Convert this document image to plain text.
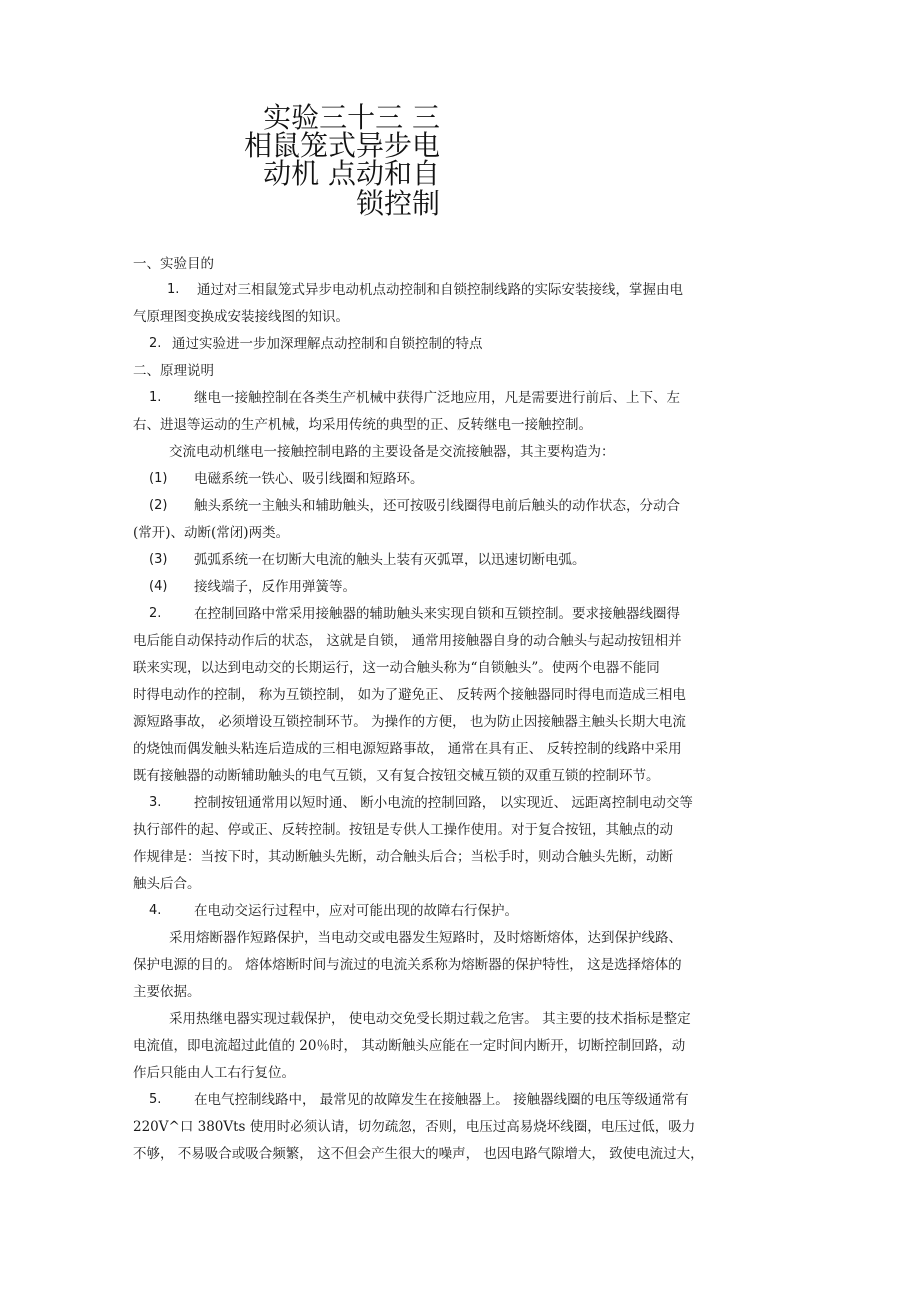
实验三十三 三
相鼠笼式异步电
动机 点动和自
锁控制
一、实验目的
1. 通过对三相鼠笼式异步电动机点动控制和自锁控制线路的实际安装接线，掌握由电
气原理图变换成安装接线图的知识。
2. 通过实验进一步加深理解点动控制和自锁控制的特点
二、原理说明
1. 继电一接触控制在各类生产机械中获得广泛地应用，凡是需要进行前后、上下、左
右、进退等运动的生产机械，均采用传统的典型的正、反转继电一接触控制。
交流电动机继电一接触控制电路的主要设备是交流接触器，其主要构造为：
(1) 电磁系统一铁心、吸引线圈和短路环。
(2) 触头系统一主触头和辅助触头，还可按吸引线圈得电前后触头的动作状态，分动合
(常开)、动断(常闭)两类。
(3) 弧弧系统一在切断大电流的触头上装有灭弧罩，以迅速切断电弧。
(4) 接线端子，反作用弹簧等。
2. 在控制回路中常采用接触器的辅助触头来实现自锁和互锁控制。要求接触器线圈得
电后能自动保持动作后的状态， 这就是自锁， 通常用接触器自身的动合触头与起动按钮相并
联来实现，以达到电动交的长期运行，这一动合触头称为“自锁触头”。使两个电器不能同
时得电动作的控制， 称为互锁控制， 如为了避免正、 反转两个接触器同时得电而造成三相电
源短路事故， 必须增设互锁控制环节。 为操作的方便， 也为防止因接触器主触头长期大电流
的烧蚀而偶发触头粘连后造成的三相电源短路事故， 通常在具有正、 反转控制的线路中采用
既有接触器的动断辅助触头的电气互锁，又有复合按钮交械互锁的双重互锁的控制环节。
3. 控制按钮通常用以短时通、 断小电流的控制回路， 以实现近、 远距离控制电动交等
执行部件的起、停或正、反转控制。按钮是专供人工操作使用。对于复合按钮，其触点的动
作规律是：当按下时，其动断触头先断，动合触头后合；当松手时，则动合触头先断，动断
触头后合。
4. 在电动交运行过程中，应对可能出现的故障右行保护。
采用熔断器作短路保护，当电动交或电器发生短路时，及时熔断熔体，达到保护线路、
保护电源的目的。 熔体熔断时间与流过的电流关系称为熔断器的保护特性， 这是选择熔体的
主要依据。
采用热继电器实现过载保护， 使电动交免受长期过载之危害。 其主要的技术指标是整定
电流值，即电流超过此值的 20％时， 其动断触头应能在一定时间内断开，切断控制回路，动
作后只能由人工右行复位。
5. 在电气控制线路中， 最常见的故障发生在接触器上。 接触器线圈的电压等级通常有
220V^口 380Vts 使用时必须认请，切勿疏忽，否则，电压过高易烧坏线圈，电压过低，吸力
不够， 不易吸合或吸合频繁， 这不但会产生很大的噪声， 也因电路气隙增大， 致使电流过大，
